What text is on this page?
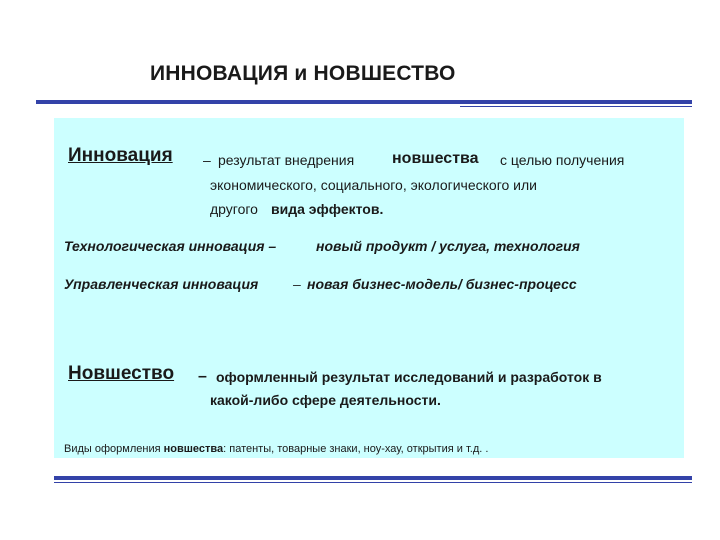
ИННОВАЦИЯ и НОВШЕСТВО
Инновация – результат внедрения новшества с целью получения
экономического, социального, экологического или
другого вида эффектов.
Технологическая инновация –	новый продукт / услуга, технология
Управленческая инновация – новая бизнес-модель/ бизнес-процесс
Новшество – оформленный результат исследований и разработок в
какой-либо сфере деятельности.
Виды оформления новшества: патенты, товарные знаки, ноу-хау, открытия и т.д. .
